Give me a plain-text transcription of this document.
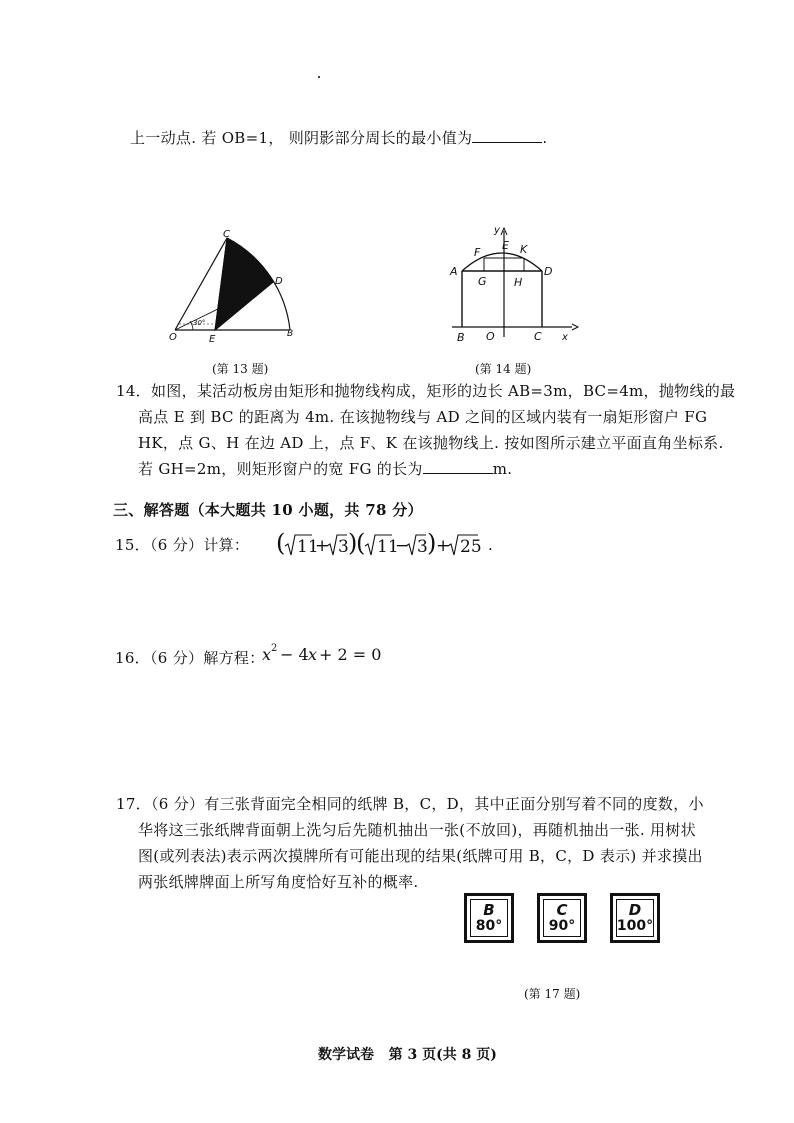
上一动点. 若 OB=1， 则阴影部分周长的最小值为	.
30°
C
D
O	E	B
(第 13 题)
y
x
A	D
F
E K
G H
B O	C
(第 14 题)
14．如图，某活动板房由矩形和抛物线构成，矩形的边长 AB=3m，BC=4m，抛物线的最
高点 E 到 BC 的距离为 4m. 在该抛物线与 AD 之间的区域内装有一扇矩形窗户 FG
HK，点 G、H 在边 AD 上，点 F、K 在该抛物线上. 按如图所示建立平面直角坐标系.
若 GH=2m，则矩形窗户的宽 FG 的长为	m.
三、解答题（本大题共 10 小题，共 78 分）
15．（6 分）计算： ( 11
+ 3 )
( 11
− 3 ) + 25 .
16．（6 分）解方程：
x 2 − 4 x + 2 = 0
17．（6 分）有三张背面完全相同的纸牌 B，C，D，其中正面分别写着不同的度数，小
华将这三张纸牌背面朝上洗匀后先随机抽出一张(不放回)，再随机抽出一张. 用树状
图(或列表法)表示两次摸牌所有可能出现的结果(纸牌可用 B，C，D 表示) 并求摸出
两张纸牌牌面上所写角度恰好互补的概率.
B
80°
C
90°
D
100°
(第 17 题)
数学试卷 第 3 页(共 8 页)
